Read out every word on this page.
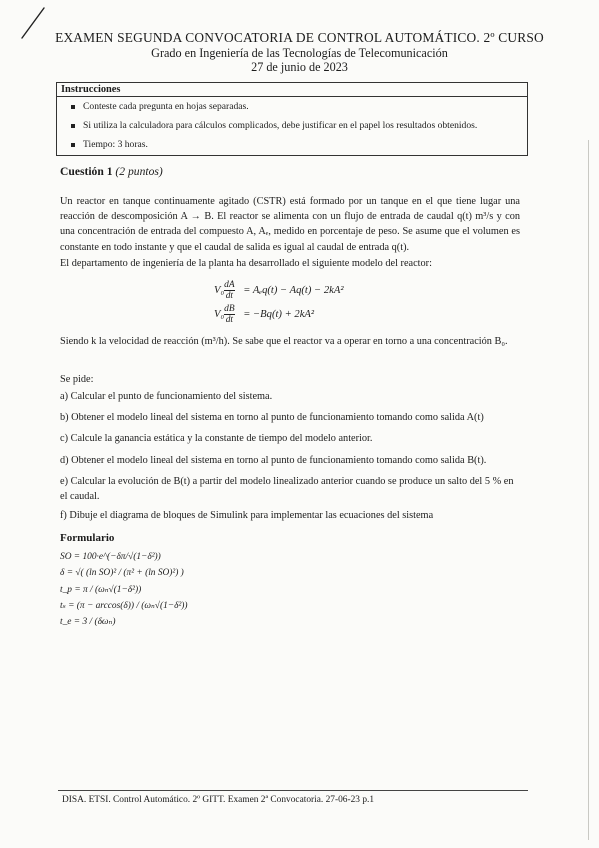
EXAMEN SEGUNDA CONVOCATORIA DE CONTROL AUTOMÁTICO. 2º CURSO
Grado en Ingeniería de las Tecnologías de Telecomunicación
27 de junio de 2023
Instrucciones
Conteste cada pregunta en hojas separadas.
Si utiliza la calculadora para cálculos complicados, debe justificar en el papel los resultados obtenidos.
Tiempo: 3 horas.
Cuestión 1 (2 puntos)
Un reactor en tanque continuamente agitado (CSTR) está formado por un tanque en el que tiene lugar una reacción de descomposición A → B. El reactor se alimenta con un flujo de entrada de caudal q(t) m³/s y con una concentración de entrada del compuesto A, Aₑ, medido en porcentaje de peso. Se asume que el volumen es constante en todo instante y que el caudal de salida es igual al caudal de entrada q(t).
El departamento de ingeniería de la planta ha desarrollado el siguiente modelo del reactor:
$V_0 \frac{dA}{dt} = A_eq(t) - Aq(t) - 2kA^2$
$V_0 \frac{dB}{dt} = -Bq(t) + 2kA^2$
Siendo k la velocidad de reacción (m³/h). Se sabe que el reactor va a operar en torno a una concentración B₀.
Se pide:
a) Calcular el punto de funcionamiento del sistema.
b) Obtener el modelo lineal del sistema en torno al punto de funcionamiento tomando como salida A(t)
c) Calcule la ganancia estática y la constante de tiempo del modelo anterior.
d) Obtener el modelo lineal del sistema en torno al punto de funcionamiento tomando como salida B(t).
e) Calcular la evolución de B(t) a partir del modelo linealizado anterior cuando se produce un salto del 5 % en el caudal.
f) Dibuje el diagrama de bloques de Simulink para implementar las ecuaciones del sistema
Formulario
SO = 100·e^(−δπ/√(1−δ²))
δ = √( (ln SO)² / (π² + (ln SO)²) )
t_p = π / (ωₙ√(1−δ²))
tₛ = (π − arccos(δ)) / (ωₙ√(1−δ²))
t_e = 3 / (δωₙ)
DISA. ETSI. Control Automático. 2º GITT. Examen 2ª Convocatoria. 27-06-23 p.1
